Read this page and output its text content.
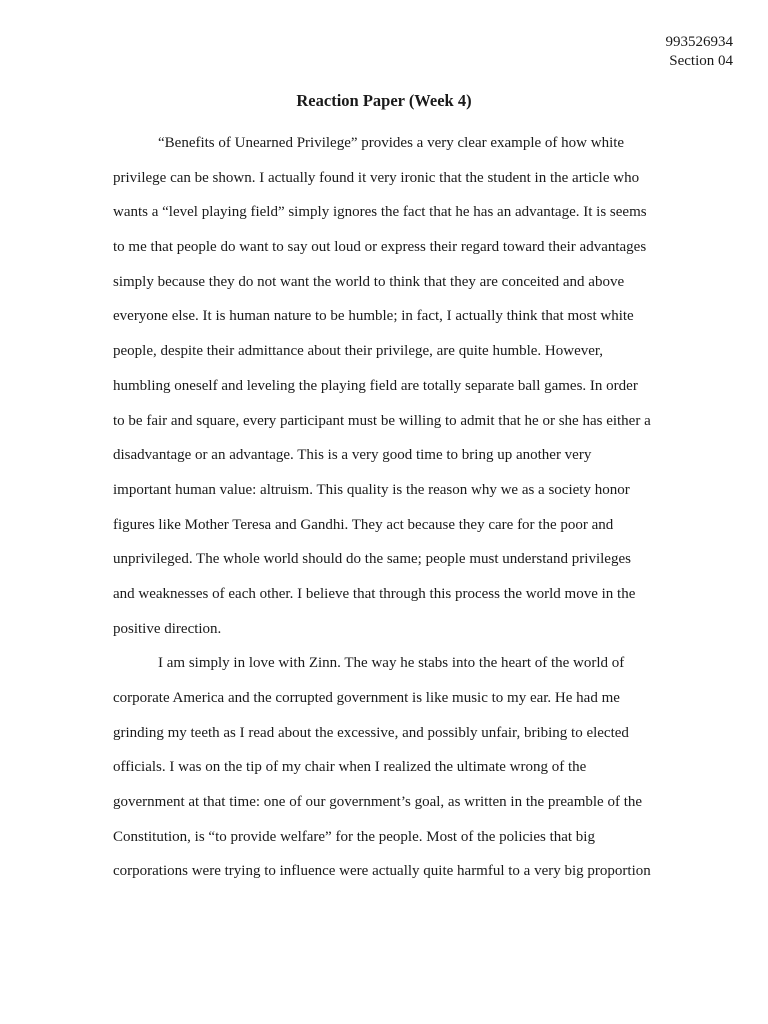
993526934
Section 04
Reaction Paper (Week 4)
“Benefits of Unearned Privilege” provides a very clear example of how white
privilege can be shown. I actually found it very ironic that the student in the article who
wants a “level playing field” simply ignores the fact that he has an advantage. It is seems
to me that people do want to say out loud or express their regard toward their advantages
simply because they do not want the world to think that they are conceited and above
everyone else. It is human nature to be humble; in fact, I actually think that most white
people, despite their admittance about their privilege, are quite humble. However,
humbling oneself and leveling the playing field are totally separate ball games. In order
to be fair and square, every participant must be willing to admit that he or she has either a
disadvantage or an advantage. This is a very good time to bring up another very
important human value: altruism. This quality is the reason why we as a society honor
figures like Mother Teresa and Gandhi. They act because they care for the poor and
unprivileged. The whole world should do the same; people must understand privileges
and weaknesses of each other. I believe that through this process the world move in the
positive direction.
I am simply in love with Zinn. The way he stabs into the heart of the world of
corporate America and the corrupted government is like music to my ear. He had me
grinding my teeth as I read about the excessive, and possibly unfair, bribing to elected
officials. I was on the tip of my chair when I realized the ultimate wrong of the
government at that time: one of our government’s goal, as written in the preamble of the
Constitution, is “to provide welfare” for the people. Most of the policies that big
corporations were trying to influence were actually quite harmful to a very big proportion
